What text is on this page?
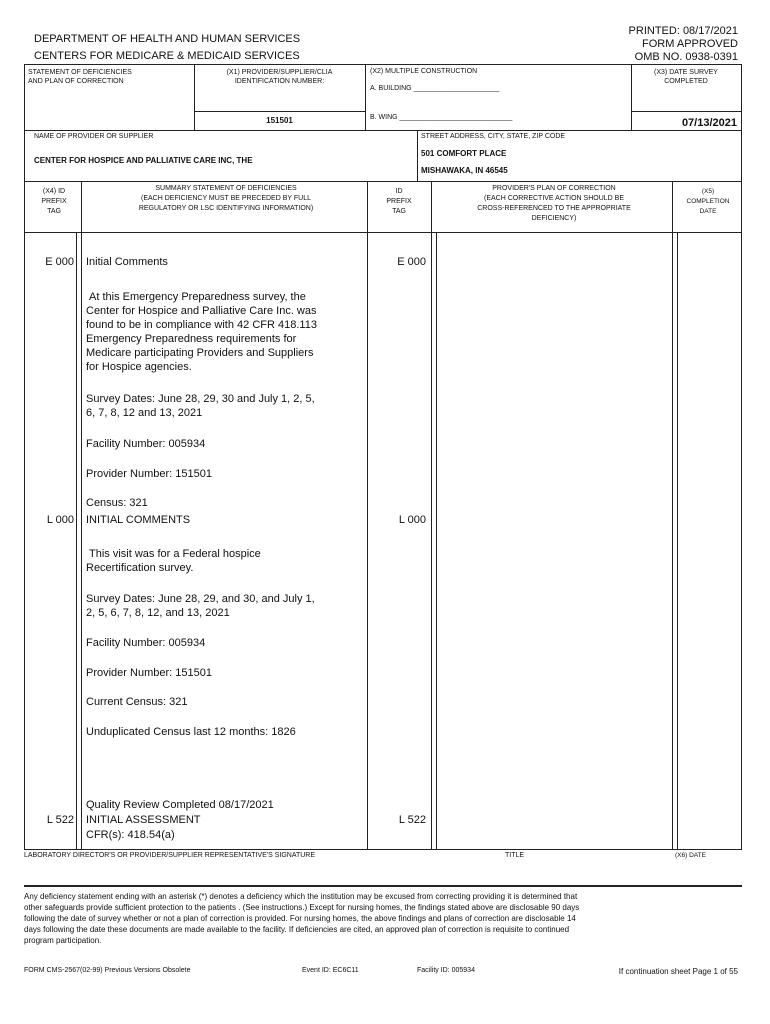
DEPARTMENT OF HEALTH AND HUMAN SERVICES
CENTERS FOR MEDICARE & MEDICAID SERVICES
PRINTED: 08/17/2021
FORM APPROVED
OMB NO. 0938-0391
STATEMENT OF DEFICIENCIES
AND PLAN OF CORRECTION
(X1) PROVIDER/SUPPLIER/CLIA
IDENTIFICATION NUMBER:
151501
(X2) MULTIPLE CONSTRUCTION
A. BUILDING ______________________
B. WING _____________________________
(X3) DATE SURVEY
COMPLETED
07/13/2021
NAME OF PROVIDER OR SUPPLIER
CENTER FOR HOSPICE AND PALLIATIVE CARE INC, THE
STREET ADDRESS, CITY, STATE, ZIP CODE
501 COMFORT PLACE
MISHAWAKA, IN 46545
(X4) ID
PREFIX
TAG
SUMMARY STATEMENT OF DEFICIENCIES
(EACH DEFICIENCY MUST BE PRECEDED BY FULL
REGULATORY OR LSC IDENTIFYING INFORMATION)
ID
PREFIX
TAG
PROVIDER'S PLAN OF CORRECTION
(EACH CORRECTIVE ACTION SHOULD BE
CROSS-REFERENCED TO THE APPROPRIATE
DEFICIENCY)
(X5)
COMPLETION
DATE
E 000 Initial Comments	E 000
At this Emergency Preparedness survey, the
Center for Hospice and Palliative Care Inc. was
found to be in compliance with 42 CFR 418.113
Emergency Preparedness requirements for
Medicare participating Providers and Suppliers
for Hospice agencies.
Survey Dates: June 28, 29, 30 and July 1, 2, 5,
6, 7, 8, 12 and 13, 2021
Facility Number: 005934
Provider Number: 151501
Census: 321
L 000 INITIAL COMMENTS	L 000
This visit was for a Federal hospice
Recertification survey.
Survey Dates: June 28, 29, and 30, and July 1,
2, 5, 6, 7, 8, 12, and 13, 2021
Facility Number: 005934
Provider Number: 151501
Current Census: 321
Unduplicated Census last 12 months: 1826
Quality Review Completed 08/17/2021
L 522 INITIAL ASSESSMENT	L 522
CFR(s): 418.54(a)
LABORATORY DIRECTOR'S OR PROVIDER/SUPPLIER REPRESENTATIVE'S SIGNATURE	TITLE	(X6) DATE
Any deficiency statement ending with an asterisk (*) denotes a deficiency which the institution may be excused from correcting providing it is determined that
other safeguards provide sufficient protection to the patients . (See instructions.) Except for nursing homes, the findings stated above are disclosable 90 days
following the date of survey whether or not a plan of correction is provided. For nursing homes, the above findings and plans of correction are disclosable 14
days following the date these documents are made available to the facility. If deficiencies are cited, an approved plan of correction is requisite to continued
program participation.
FORM CMS-2567(02-99) Previous Versions Obsolete	Event ID: EC6C11	Facility ID: 005934	If continuation sheet Page 1 of 55
